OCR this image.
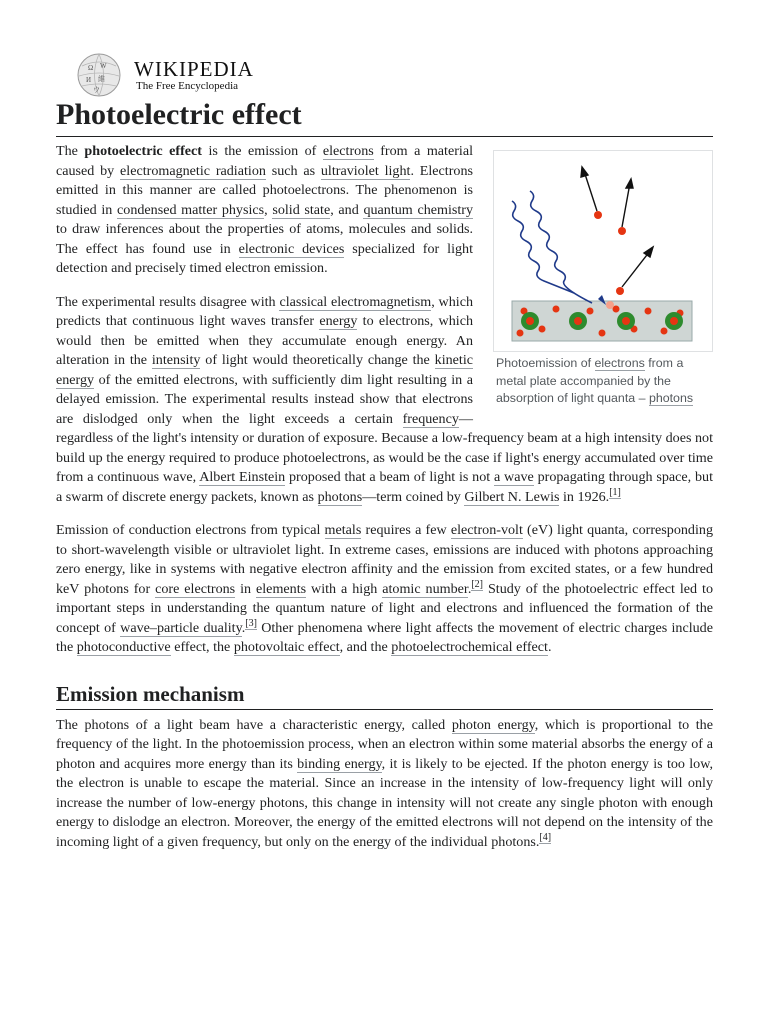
Ω W
И 維
ウ
WIKIPEDIA
The Free Encyclopedia
Photoelectric effect
Photoemission of electrons from a metal plate accompanied by the absorption of light quanta – photons

The photoelectric effect is the emission of electrons from a material caused by electromagnetic radiation such as ultraviolet light. Electrons emitted in this manner are called photoelectrons. The phenomenon is studied in condensed matter physics, solid state, and quantum chemistry to draw inferences about the properties of atoms, molecules and solids. The effect has found use in electronic devices specialized for light detection and precisely timed electron emission.

The experimental results disagree with classical electromagnetism, which predicts that continuous light waves transfer energy to electrons, which would then be emitted when they accumulate enough energy. An alteration in the intensity of light would theoretically change the kinetic energy of the emitted electrons, with sufficiently dim light resulting in a delayed emission. The experimental results instead show that electrons are dislodged only when the light exceeds a certain frequency—regardless of the light's intensity or duration of exposure. Because a low-frequency beam at a high intensity does not build up the energy required to produce photoelectrons, as would be the case if light's energy accumulated over time from a continuous wave, Albert Einstein proposed that a beam of light is not a wave propagating through space, but a swarm of discrete energy packets, known as photons—term coined by Gilbert N. Lewis in 1926.[1]

Emission of conduction electrons from typical metals requires a few electron-volt (eV) light quanta, corresponding to short-wavelength visible or ultraviolet light. In extreme cases, emissions are induced with photons approaching zero energy, like in systems with negative electron affinity and the emission from excited states, or a few hundred keV photons for core electrons in elements with a high atomic number.[2] Study of the photoelectric effect led to important steps in understanding the quantum nature of light and electrons and influenced the formation of the concept of wave–particle duality.[3] Other phenomena where light affects the movement of electric charges include the photoconductive effect, the photovoltaic effect, and the photoelectrochemical effect.

Emission mechanism

The photons of a light beam have a characteristic energy, called photon energy, which is proportional to the frequency of the light. In the photoemission process, when an electron within some material absorbs the energy of a photon and acquires more energy than its binding energy, it is likely to be ejected. If the photon energy is too low, the electron is unable to escape the material. Since an increase in the intensity of low-frequency light will only increase the number of low-energy photons, this change in intensity will not create any single photon with enough energy to dislodge an electron. Moreover, the energy of the emitted electrons will not depend on the intensity of the incoming light of a given frequency, but only on the energy of the individual photons.[4]
